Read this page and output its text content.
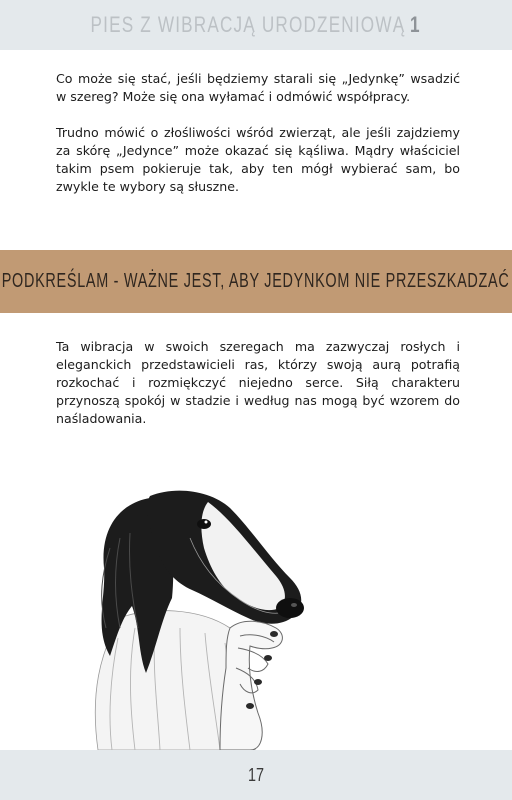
PIES Z WIBRACJĄ URODZENIOWĄ 1

Co może się stać, jeśli będziemy starali się „Jedynkę” wsadzić w szereg? Może się ona wyłamać i odmówić współpracy.

Trudno mówić o złośliwości wśród zwierząt, ale jeśli zajdziemy za skórę „Jedynce” może okazać się kąśliwa. Mądry właściciel takim psem pokieruje tak, aby ten mógł wybierać sam, bo zwykle te wybory są słuszne.

PODKREŚLAM - WAŻNE JEST, ABY JEDYNKOM NIE PRZESZKADZAĆ

Ta wibracja w swoich szeregach ma zazwyczaj rosłych i eleganckich przedstawicieli ras, którzy swoją aurą potrafią rozkochać i rozmiękczyć niejedno serce. Siłą charakteru przynoszą spokój w stadzie i według nas mogą być wzorem do naśladowania.

17
